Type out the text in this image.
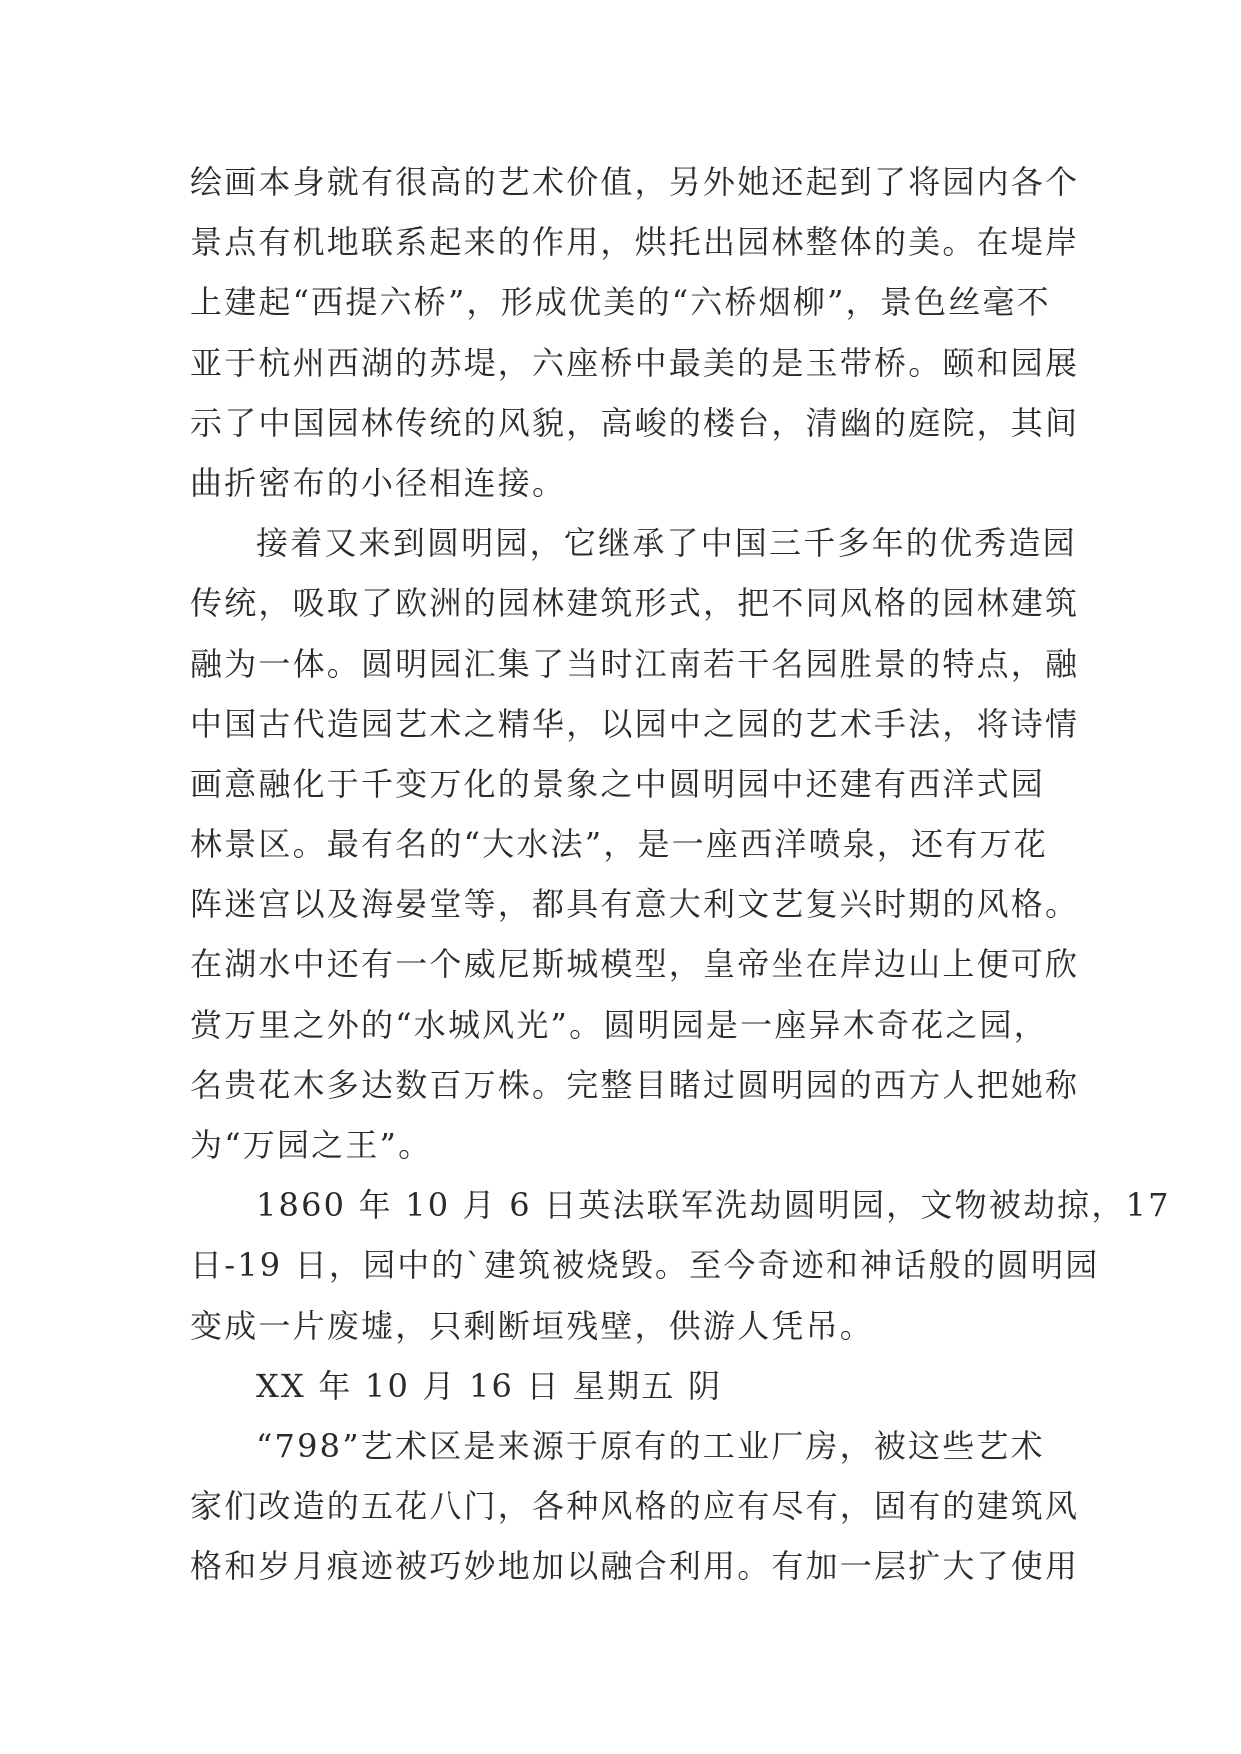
绘画本身就有很高的艺术价值，另外她还起到了将园内各个
景点有机地联系起来的作用，烘托出园林整体的美。在堤岸
上建起“西提六桥”，形成优美的“六桥烟柳”，景色丝毫不
亚于杭州西湖的苏堤，六座桥中最美的是玉带桥。颐和园展
示了中国园林传统的风貌，高峻的楼台，清幽的庭院，其间
曲折密布的小径相连接。
接着又来到圆明园，它继承了中国三千多年的优秀造园
传统，吸取了欧洲的园林建筑形式，把不同风格的园林建筑
融为一体。圆明园汇集了当时江南若干名园胜景的特点，融
中国古代造园艺术之精华，以园中之园的艺术手法，将诗情
画意融化于千变万化的景象之中圆明园中还建有西洋式园
林景区。最有名的“大水法”，是一座西洋喷泉，还有万花
阵迷宫以及海晏堂等，都具有意大利文艺复兴时期的风格。
在湖水中还有一个威尼斯城模型，皇帝坐在岸边山上便可欣
赏万里之外的“水城风光”。圆明园是一座异木奇花之园，
名贵花木多达数百万株。完整目睹过圆明园的西方人把她称
为“万园之王”。
1860 年 10 月 6 日英法联军洗劫圆明园，文物被劫掠，17
日-19 日，园中的`建筑被烧毁。至今奇迹和神话般的圆明园
变成一片废墟，只剩断垣残壁，供游人凭吊。
XX 年 10 月 16 日 星期五 阴
“798”艺术区是来源于原有的工业厂房，被这些艺术
家们改造的五花八门，各种风格的应有尽有，固有的建筑风
格和岁月痕迹被巧妙地加以融合利用。有加一层扩大了使用
